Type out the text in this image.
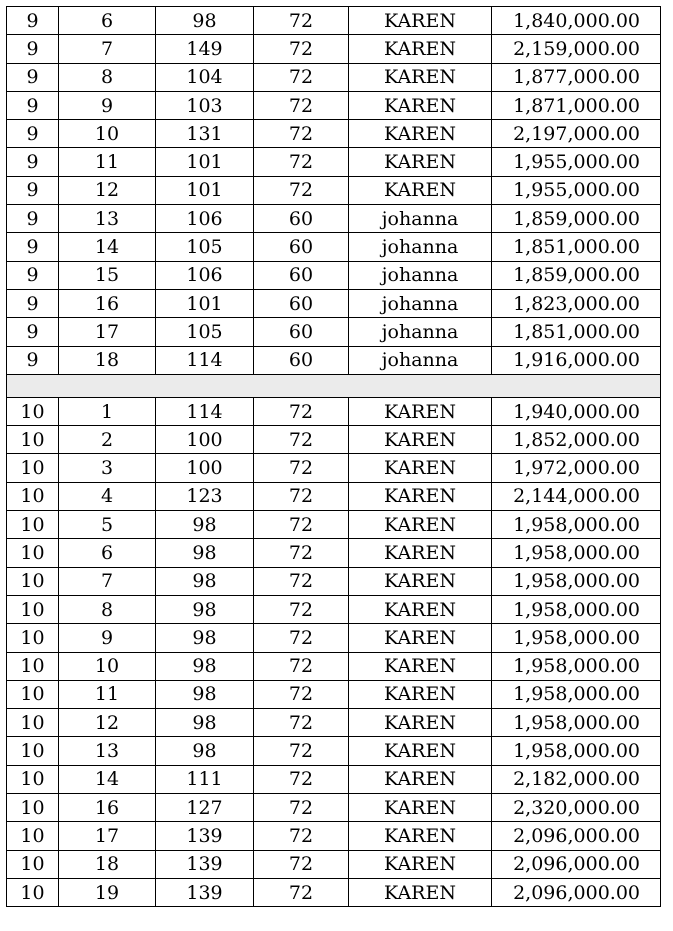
9	6	98	72	KAREN	1,840,000.00
9	7	149	72	KAREN	2,159,000.00
9	8	104	72	KAREN	1,877,000.00
9	9	103	72	KAREN	1,871,000.00
9	10	131	72	KAREN	2,197,000.00
9	11	101	72	KAREN	1,955,000.00
9	12	101	72	KAREN	1,955,000.00
9	13	106	60	johanna	1,859,000.00
9	14	105	60	johanna	1,851,000.00
9	15	106	60	johanna	1,859,000.00
9	16	101	60	johanna	1,823,000.00
9	17	105	60	johanna	1,851,000.00
9	18	114	60	johanna	1,916,000.00

10	1	114	72	KAREN	1,940,000.00
10	2	100	72	KAREN	1,852,000.00
10	3	100	72	KAREN	1,972,000.00
10	4	123	72	KAREN	2,144,000.00
10	5	98	72	KAREN	1,958,000.00
10	6	98	72	KAREN	1,958,000.00
10	7	98	72	KAREN	1,958,000.00
10	8	98	72	KAREN	1,958,000.00
10	9	98	72	KAREN	1,958,000.00
10	10	98	72	KAREN	1,958,000.00
10	11	98	72	KAREN	1,958,000.00
10	12	98	72	KAREN	1,958,000.00
10	13	98	72	KAREN	1,958,000.00
10	14	111	72	KAREN	2,182,000.00
10	16	127	72	KAREN	2,320,000.00
10	17	139	72	KAREN	2,096,000.00
10	18	139	72	KAREN	2,096,000.00
10	19	139	72	KAREN	2,096,000.00
